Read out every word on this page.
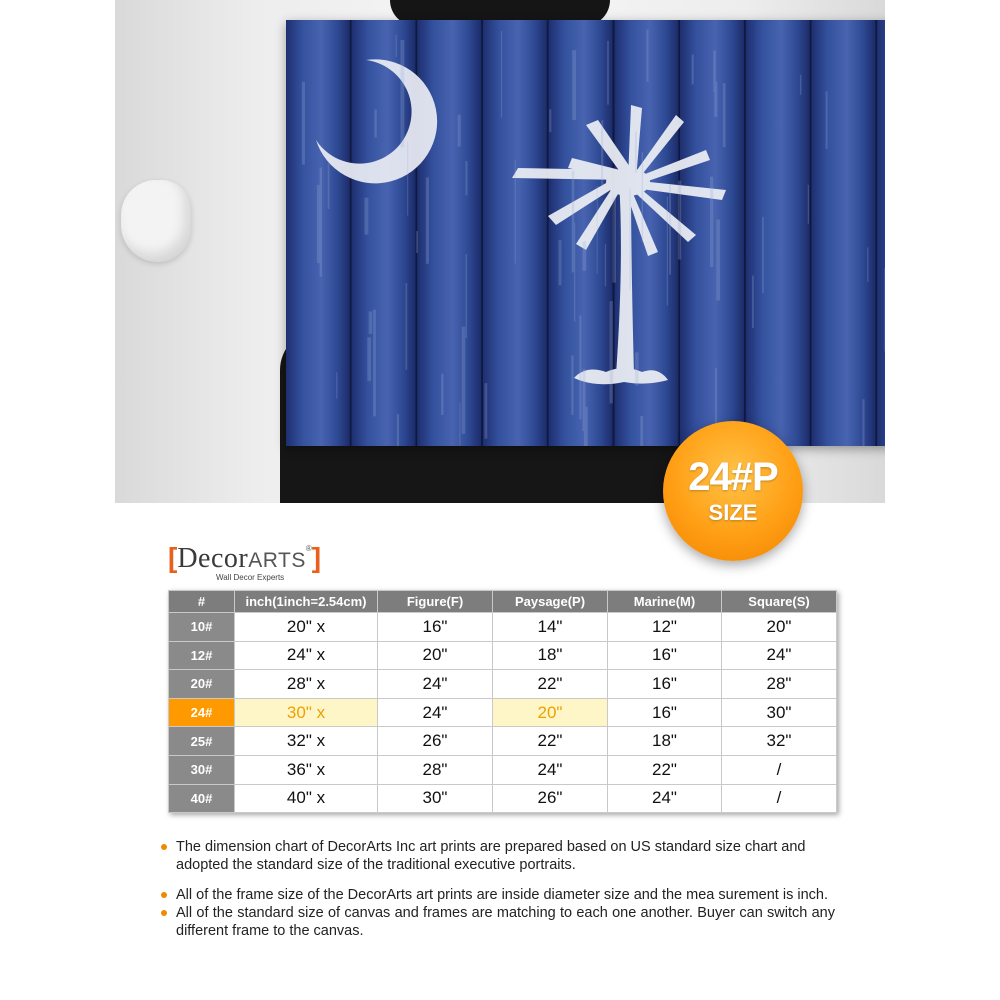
24#P
SIZE
[ Decor ARTS
® ]
Wall Decor Experts
#	inch(1inch=2.54cm)	Figure(F)	Paysage(P)	Marine(M)	Square(S)
10#	20" x	16"	14"	12"	20"
12#	24" x	20"	18"	16"	24"
20#	28" x	24"	22"	16"	28"
24#	30" x	24"	20"	16"	30"
25#	32" x	26"	22"	18"	32"
30#	36" x	28"	24"	22"	/
40#	40" x	30"	26"	24"	/
The dimension chart of DecorArts Inc art prints are prepared based on US standard size chart and adopted the standard size of the traditional executive portraits.
All of the frame size of the DecorArts art prints are inside diameter size and the mea surement is inch.
All of the standard size of canvas and frames are matching to each one another. Buyer can switch any different frame to the canvas.
